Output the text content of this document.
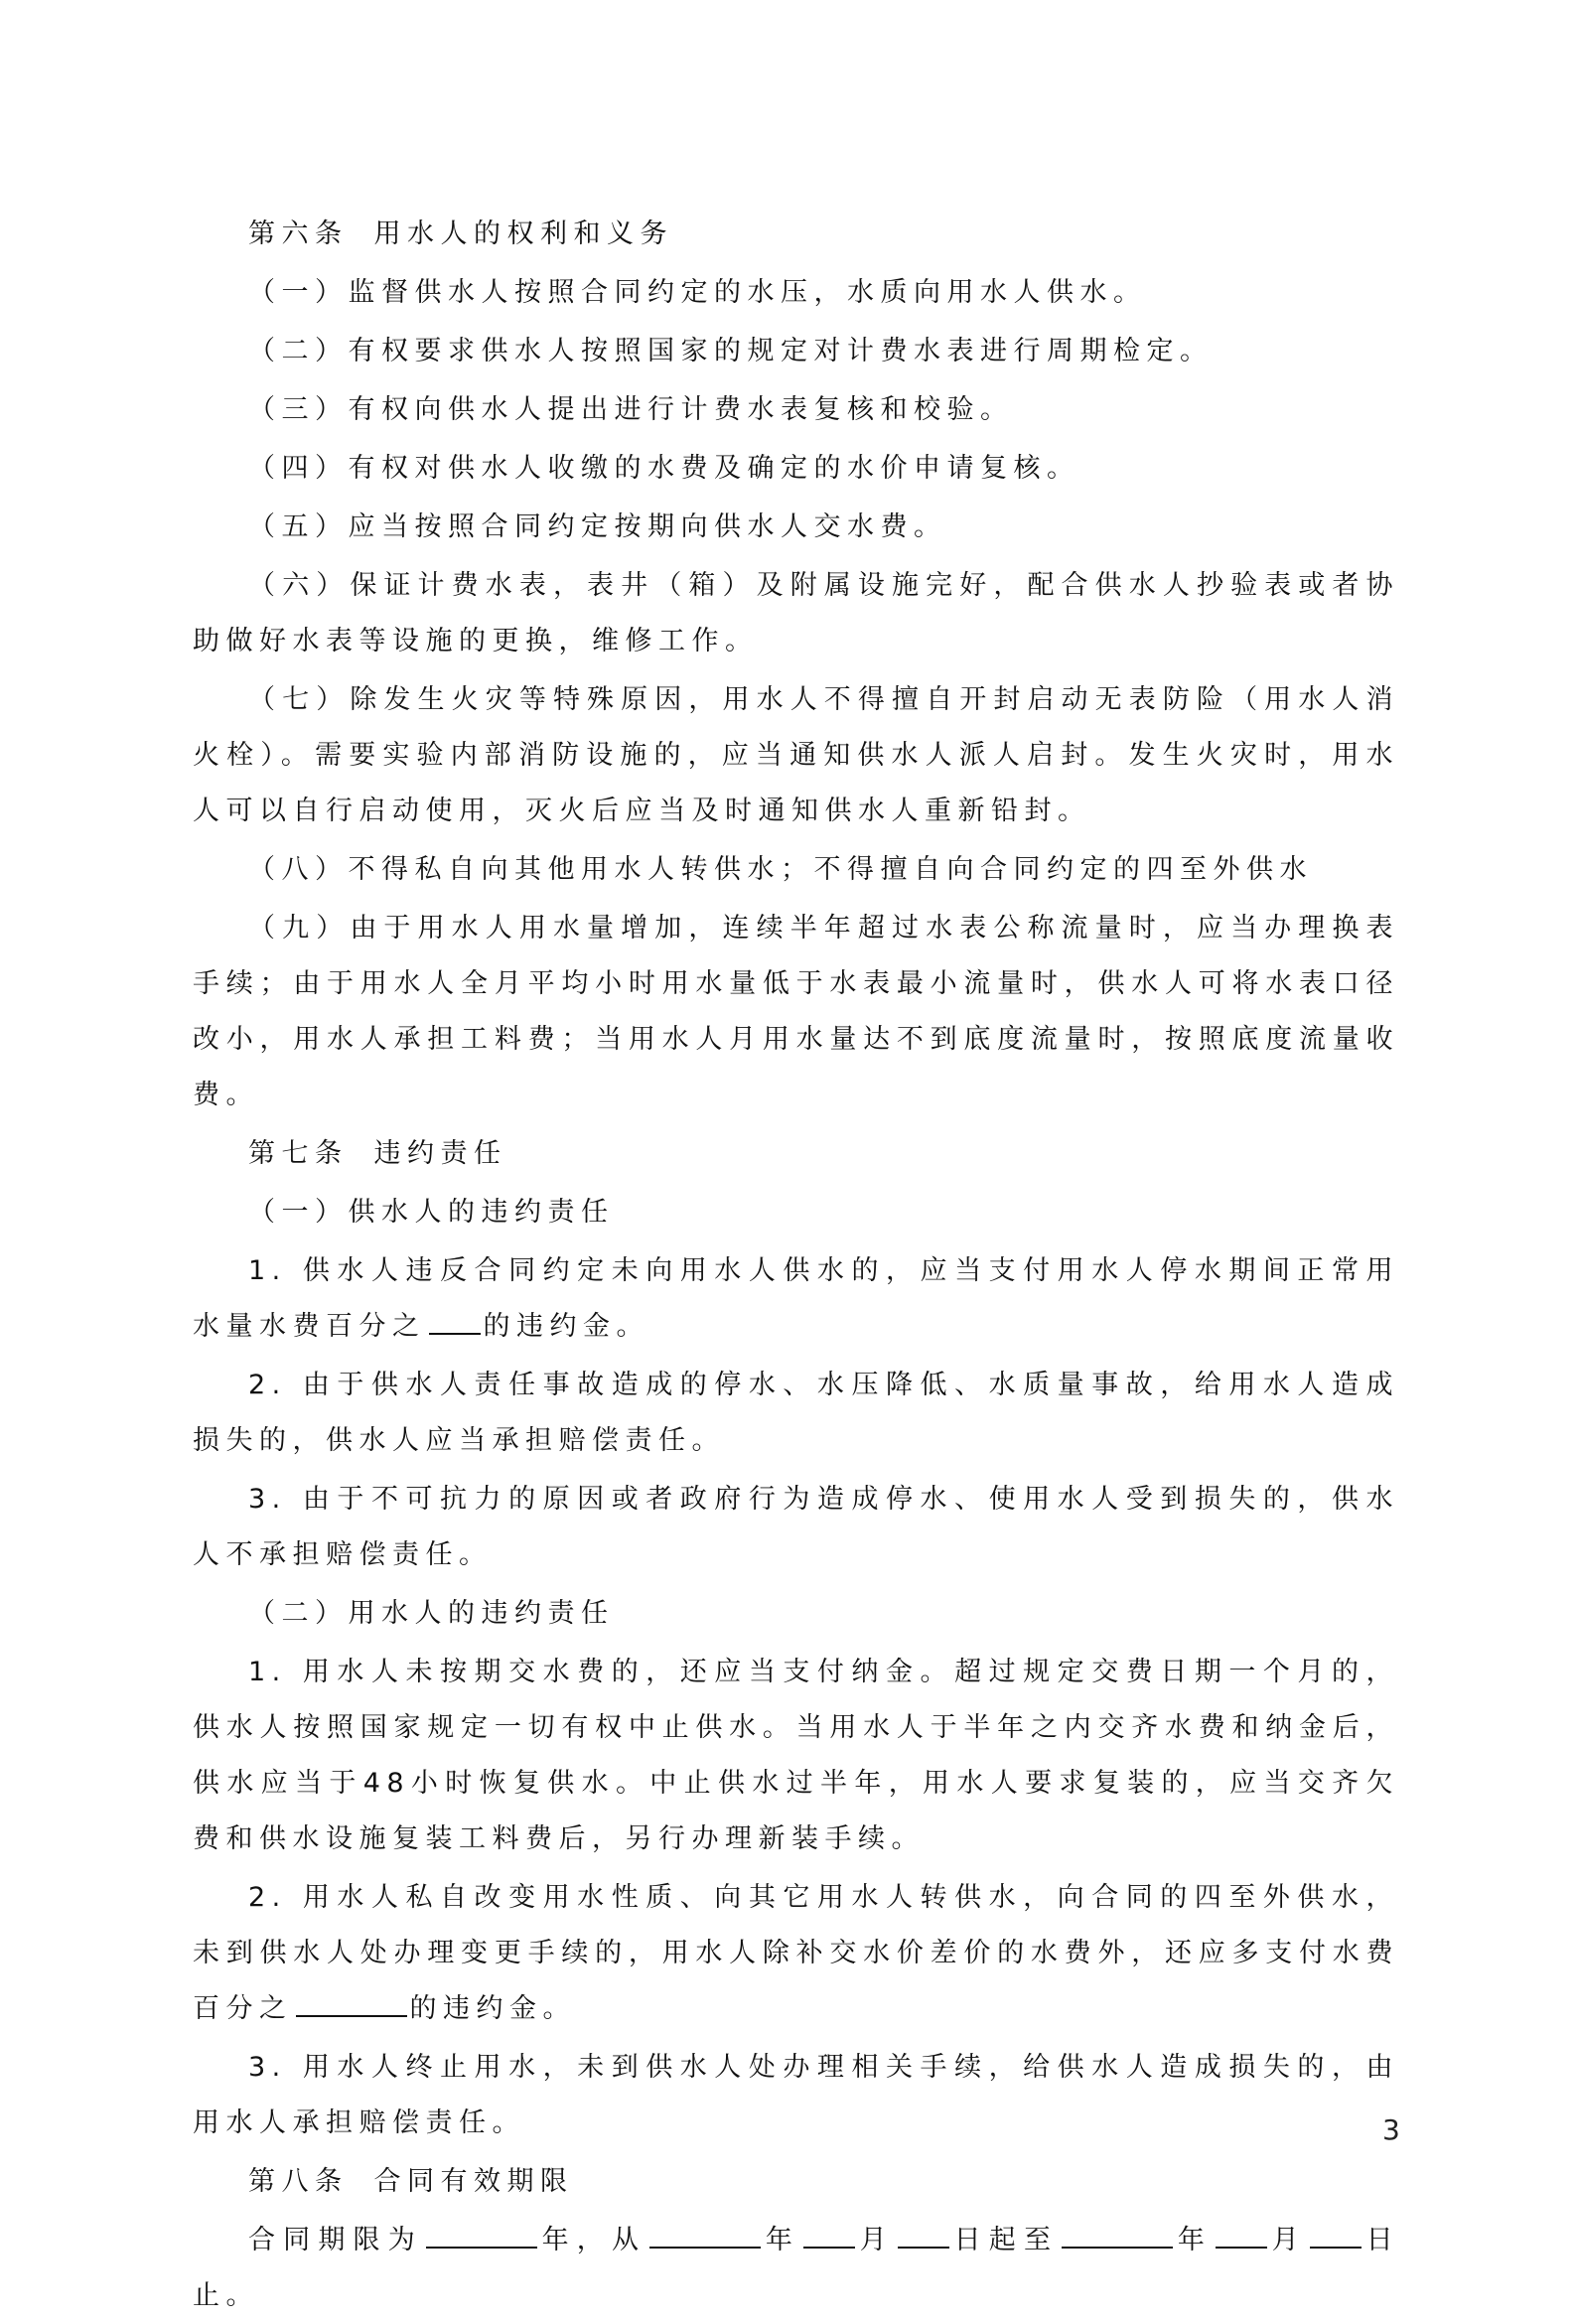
第六条 用水人的权利和义务

（一）监督供水人按照合同约定的水压，水质向用水人供水。

（二）有权要求供水人按照国家的规定对计费水表进行周期检定。

（三）有权向供水人提出进行计费水表复核和校验。

（四）有权对供水人收缴的水费及确定的水价申请复核。

（五）应当按照合同约定按期向供水人交水费。

（六）保证计费水表，表井（箱）及附属设施完好，配合供水人抄验表或者协助做好水表等设施的更换，维修工作。

（七）除发生火灾等特殊原因，用水人不得擅自开封启动无表防险（用水人消火栓）。需要实验内部消防设施的，应当通知供水人派人启封。发生火灾时，用水人可以自行启动使用，灭火后应当及时通知供水人重新铅封。

（八）不得私自向其他用水人转供水；不得擅自向合同约定的四至外供水

（九）由于用水人用水量增加，连续半年超过水表公称流量时，应当办理换表手续；由于用水人全月平均小时用水量低于水表最小流量时，供水人可将水表口径改小，用水人承担工料费；当用水人月用水量达不到底度流量时，按照底度流量收费。

第七条 违约责任

（一）供水人的违约责任

1. 供水人违反合同约定未向用水人供水的，应当支付用水人停水期间正常用水量水费百分之 的违约金。

2. 由于供水人责任事故造成的停水、水压降低、水质量事故，给用水人造成损失的，供水人应当承担赔偿责任。

3. 由于不可抗力的原因或者政府行为造成停水、使用水人受到损失的，供水人不承担赔偿责任。

（二）用水人的违约责任

1. 用水人未按期交水费的，还应当支付纳金。超过规定交费日期一个月的，供水人按照国家规定一切有权中止供水。当用水人于半年之内交齐水费和纳金后，供水应当于48小时恢复供水。中止供水过半年，用水人要求复装的，应当交齐欠费和供水设施复装工料费后，另行办理新装手续。

2. 用水人私自改变用水性质、向其它用水人转供水，向合同的四至外供水，未到供水人处办理变更手续的，用水人除补交水价差价的水费外，还应多支付水费百分之	的违约金。

3. 用水人终止用水，未到供水人处办理相关手续，给供水人造成损失的，由用水人承担赔偿责任。

第八条 合同有效期限

合同期限为	年，从	年 月 日起至	年 月 日止。

3
